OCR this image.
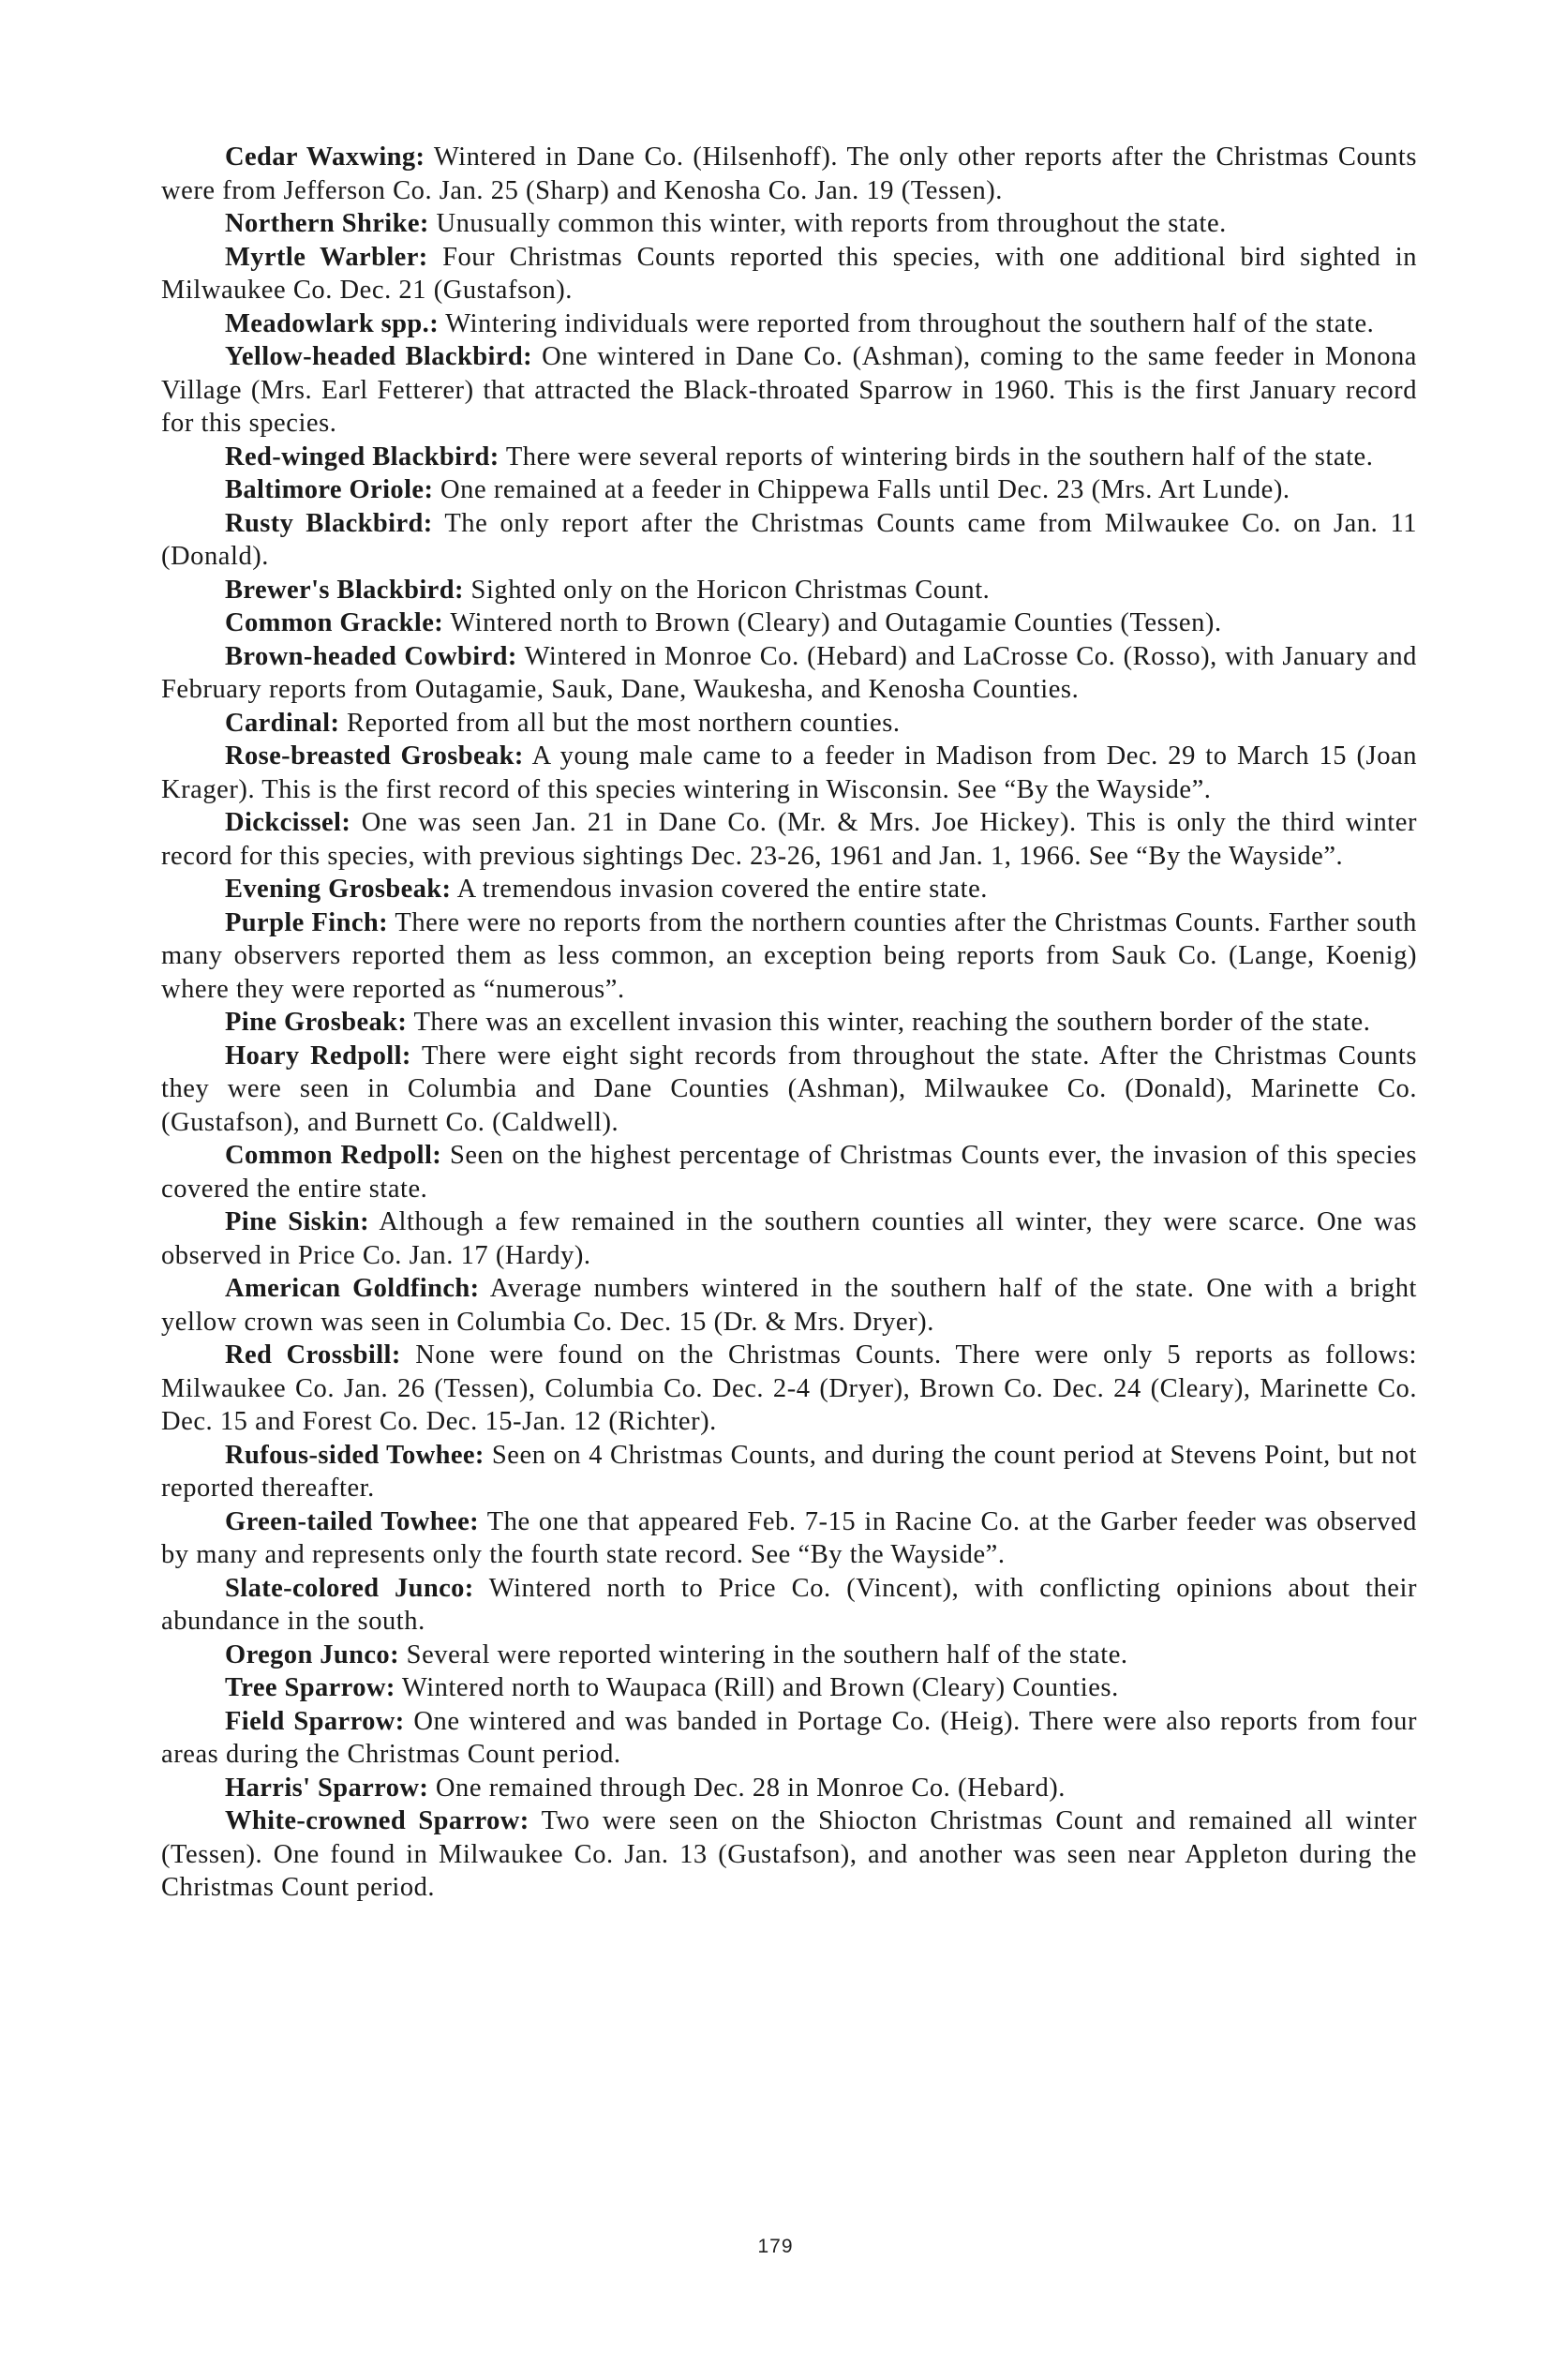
Cedar Waxwing: Wintered in Dane Co. (Hilsenhoff). The only other reports after the Christmas Counts were from Jefferson Co. Jan. 25 (Sharp) and Kenosha Co. Jan. 19 (Tessen).

Northern Shrike: Unusually common this winter, with reports from throughout the state.

Myrtle Warbler: Four Christmas Counts reported this species, with one additional bird sighted in Milwaukee Co. Dec. 21 (Gustafson).

Meadowlark spp.: Wintering individuals were reported from throughout the southern half of the state.

Yellow-headed Blackbird: One wintered in Dane Co. (Ashman), coming to the same feeder in Monona Village (Mrs. Earl Fetterer) that attracted the Black-throated Sparrow in 1960. This is the first January record for this species.

Red-winged Blackbird: There were several reports of wintering birds in the southern half of the state.

Baltimore Oriole: One remained at a feeder in Chippewa Falls until Dec. 23 (Mrs. Art Lunde).

Rusty Blackbird: The only report after the Christmas Counts came from Milwaukee Co. on Jan. 11 (Donald).

Brewer's Blackbird: Sighted only on the Horicon Christmas Count.

Common Grackle: Wintered north to Brown (Cleary) and Outagamie Counties (Tessen).

Brown-headed Cowbird: Wintered in Monroe Co. (Hebard) and LaCrosse Co. (Rosso), with January and February reports from Outagamie, Sauk, Dane, Waukesha, and Kenosha Counties.

Cardinal: Reported from all but the most northern counties.

Rose-breasted Grosbeak: A young male came to a feeder in Madison from Dec. 29 to March 15 (Joan Krager). This is the first record of this species wintering in Wisconsin. See “By the Wayside”.

Dickcissel: One was seen Jan. 21 in Dane Co. (Mr. & Mrs. Joe Hickey). This is only the third winter record for this species, with previous sightings Dec. 23-26, 1961 and Jan. 1, 1966. See “By the Wayside”.

Evening Grosbeak: A tremendous invasion covered the entire state.

Purple Finch: There were no reports from the northern counties after the Christmas Counts. Farther south many observers reported them as less common, an exception being reports from Sauk Co. (Lange, Koenig) where they were reported as “numerous”.

Pine Grosbeak: There was an excellent invasion this winter, reaching the southern border of the state.

Hoary Redpoll: There were eight sight records from throughout the state. After the Christmas Counts they were seen in Columbia and Dane Counties (Ashman), Milwaukee Co. (Donald), Marinette Co. (Gustafson), and Burnett Co. (Caldwell).

Common Redpoll: Seen on the highest percentage of Christmas Counts ever, the invasion of this species covered the entire state.

Pine Siskin: Although a few remained in the southern counties all winter, they were scarce. One was observed in Price Co. Jan. 17 (Hardy).

American Goldfinch: Average numbers wintered in the southern half of the state. One with a bright yellow crown was seen in Columbia Co. Dec. 15 (Dr. & Mrs. Dryer).

Red Crossbill: None were found on the Christmas Counts. There were only 5 reports as follows: Milwaukee Co. Jan. 26 (Tessen), Columbia Co. Dec. 2-4 (Dryer), Brown Co. Dec. 24 (Cleary), Marinette Co. Dec. 15 and Forest Co. Dec. 15-Jan. 12 (Richter).

Rufous-sided Towhee: Seen on 4 Christmas Counts, and during the count period at Stevens Point, but not reported thereafter.

Green-tailed Towhee: The one that appeared Feb. 7-15 in Racine Co. at the Garber feeder was observed by many and represents only the fourth state record. See “By the Wayside”.

Slate-colored Junco: Wintered north to Price Co. (Vincent), with conflicting opinions about their abundance in the south.

Oregon Junco: Several were reported wintering in the southern half of the state.

Tree Sparrow: Wintered north to Waupaca (Rill) and Brown (Cleary) Counties.

Field Sparrow: One wintered and was banded in Portage Co. (Heig). There were also reports from four areas during the Christmas Count period.

Harris' Sparrow: One remained through Dec. 28 in Monroe Co. (Hebard).

White-crowned Sparrow: Two were seen on the Shiocton Christmas Count and remained all winter (Tessen). One found in Milwaukee Co. Jan. 13 (Gustafson), and another was seen near Appleton during the Christmas Count period.

179
